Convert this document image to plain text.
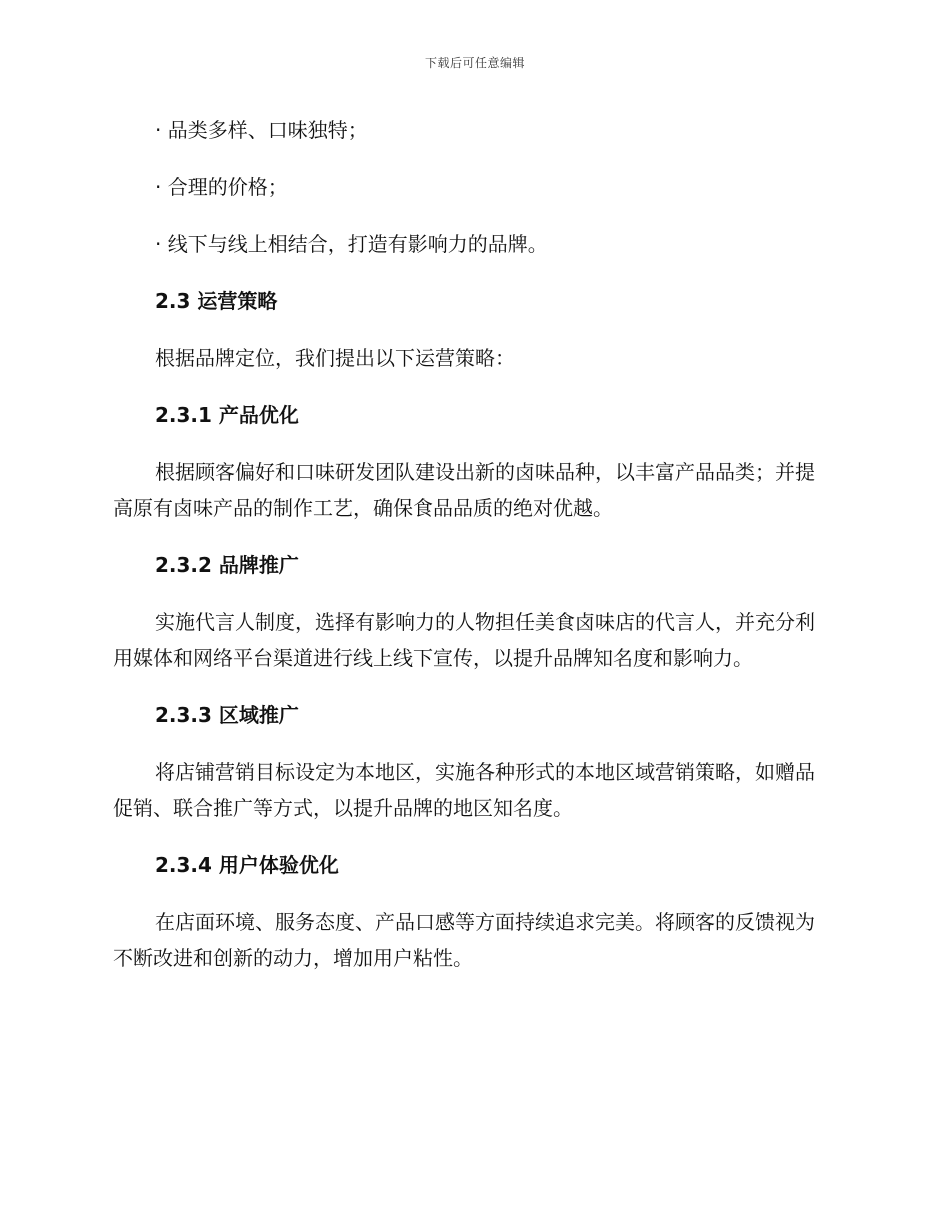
下载后可任意编辑

· 品类多样、口味独特；

· 合理的价格；

· 线下与线上相结合，打造有影响力的品牌。

2.3 运营策略

根据品牌定位，我们提出以下运营策略：

2.3.1 产品优化

根据顾客偏好和口味研发团队建设出新的卤味品种，以丰富产品品类；并提高原有卤味产品的制作工艺，确保食品品质的绝对优越。

2.3.2 品牌推广

实施代言人制度，选择有影响力的人物担任美食卤味店的代言人，并充分利用媒体和网络平台渠道进行线上线下宣传，以提升品牌知名度和影响力。

2.3.3 区域推广

将店铺营销目标设定为本地区，实施各种形式的本地区域营销策略，如赠品促销、联合推广等方式，以提升品牌的地区知名度。

2.3.4 用户体验优化

在店面环境、服务态度、产品口感等方面持续追求完美。将顾客的反馈视为不断改进和创新的动力，增加用户粘性。
